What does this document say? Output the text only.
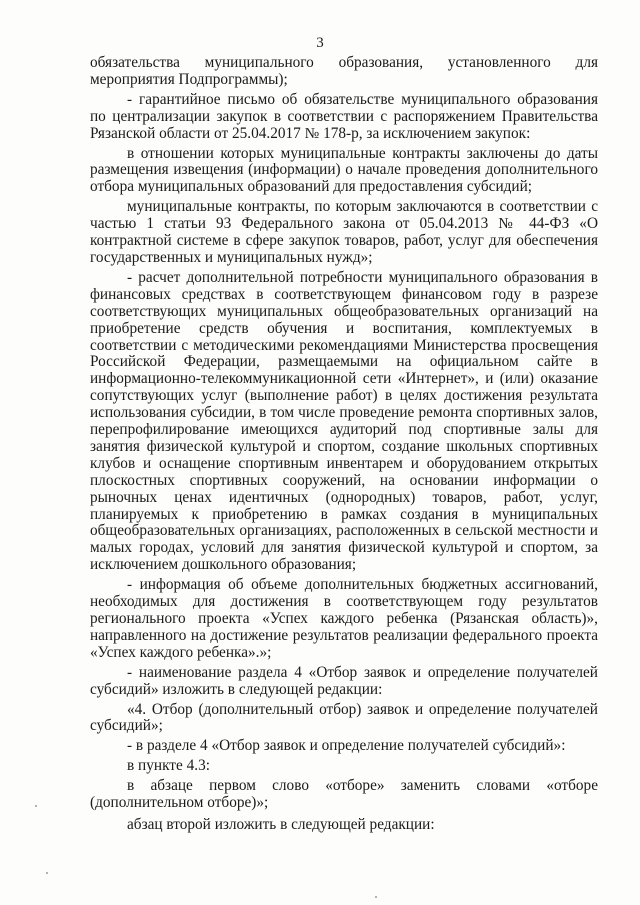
3

обязательства муниципального образования, установленного для

мероприятия Подпрограммы);

- гарантийное письмо об обязательстве муниципального образования

по централизации закупок в соответствии с распоряжением Правительства

Рязанской области от 25.04.2017 № 178-р, за исключением закупок:

в отношении которых муниципальные контракты заключены до даты

размещения извещения (информации) о начале проведения дополнительного

отбора муниципальных образований для предоставления субсидий;

муниципальные контракты, по которым заключаются в соответствии с

частью 1 статьи 93 Федерального закона от 05.04.2013 № 44-ФЗ «О

контрактной системе в сфере закупок товаров, работ, услуг для обеспечения

государственных и муниципальных нужд»;

- расчет дополнительной потребности муниципального образования в

финансовых средствах в соответствующем финансовом году в разрезе

соответствующих муниципальных общеобразовательных организаций на

приобретение средств обучения и воспитания, комплектуемых в

соответствии с методическими рекомендациями Министерства просвещения

Российской Федерации, размещаемыми на официальном сайте в

информационно-телекоммуникационной сети «Интернет», и (или) оказание

сопутствующих услуг (выполнение работ) в целях достижения результата

использования субсидии, в том числе проведение ремонта спортивных залов,

перепрофилирование имеющихся аудиторий под спортивные залы для

занятия физической культурой и спортом, создание школьных спортивных

клубов и оснащение спортивным инвентарем и оборудованием открытых

плоскостных спортивных сооружений, на основании информации о

рыночных ценах идентичных (однородных) товаров, работ, услуг,

планируемых к приобретению в рамках создания в муниципальных

общеобразовательных организациях, расположенных в сельской местности и

малых городах, условий для занятия физической культурой и спортом, за

исключением дошкольного образования;

- информация об объеме дополнительных бюджетных ассигнований,

необходимых для достижения в соответствующем году результатов

регионального проекта «Успех каждого ребенка (Рязанская область)»,

направленного на достижение результатов реализации федерального проекта

«Успех каждого ребенка».»;

- наименование раздела 4 «Отбор заявок и определение получателей

субсидий» изложить в следующей редакции:

«4. Отбор (дополнительный отбор) заявок и определение получателей

субсидий»;

- в разделе 4 «Отбор заявок и определение получателей субсидий»:

в пункте 4.3:

в абзаце первом слово «отборе» заменить словами «отборе

(дополнительном отборе)»;

абзац второй изложить в следующей редакции:
